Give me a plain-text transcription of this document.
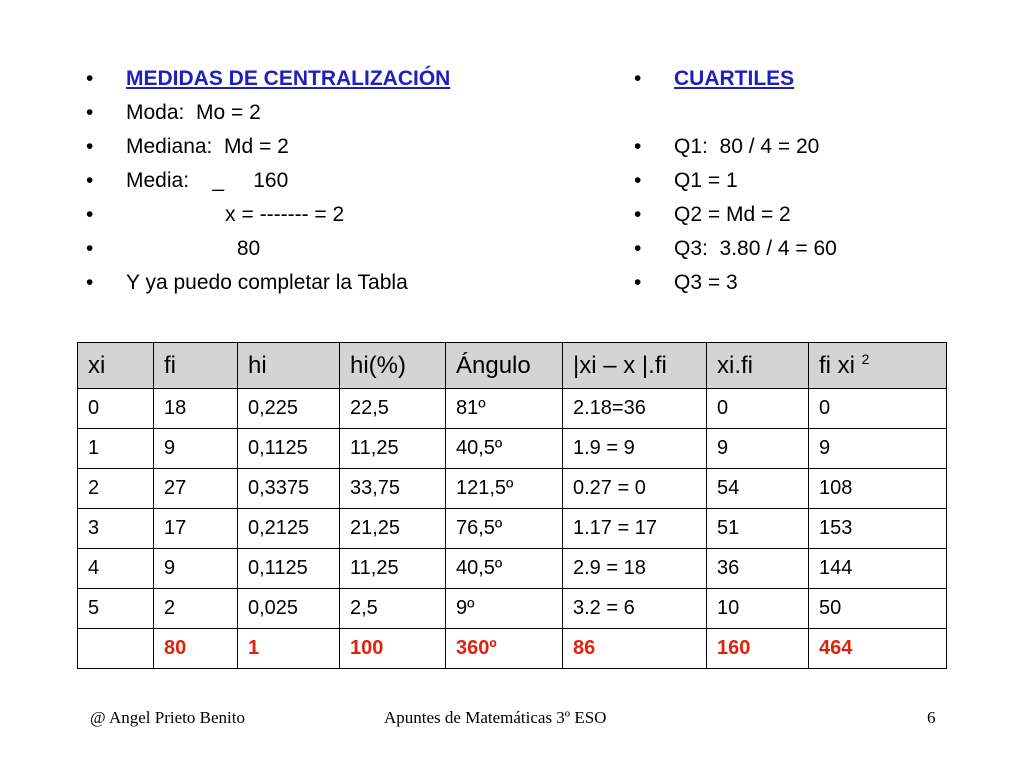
• MEDIDAS DE CENTRALIZACIÓN
• Moda:  Mo = 2
• Mediana:  Md = 2
• Media:    _     160
• x = ------- = 2
• 80
• Y ya puedo completar la Tabla
• CUARTILES
• Q1:  80 / 4 = 20
• Q1 = 1
• Q2 = Md = 2
• Q3:  3.80 / 4 = 60
• Q3 = 3
xi	fi	hi	hi(%)	Ángulo	|xi – x |.fi	xi.fi	fi xi $^2$
0	18	0,225	22,5	81º	2.18=36	0	0
1	9	0,1125	11,25	40,5º	1.9 = 9	9	9
2	27	0,3375	33,75	121,5º	0.27 = 0	54	108
3	17	0,2125	21,25	76,5º	1.17 = 17	51	153
4	9	0,1125	11,25	40,5º	2.9 = 18	36	144
5	2	0,025	2,5	9º	3.2 = 6	10	50
	80	1	100	360º	86	160	464
@ Angel Prieto Benito	Apuntes de Matemáticas 3º ESO	6
